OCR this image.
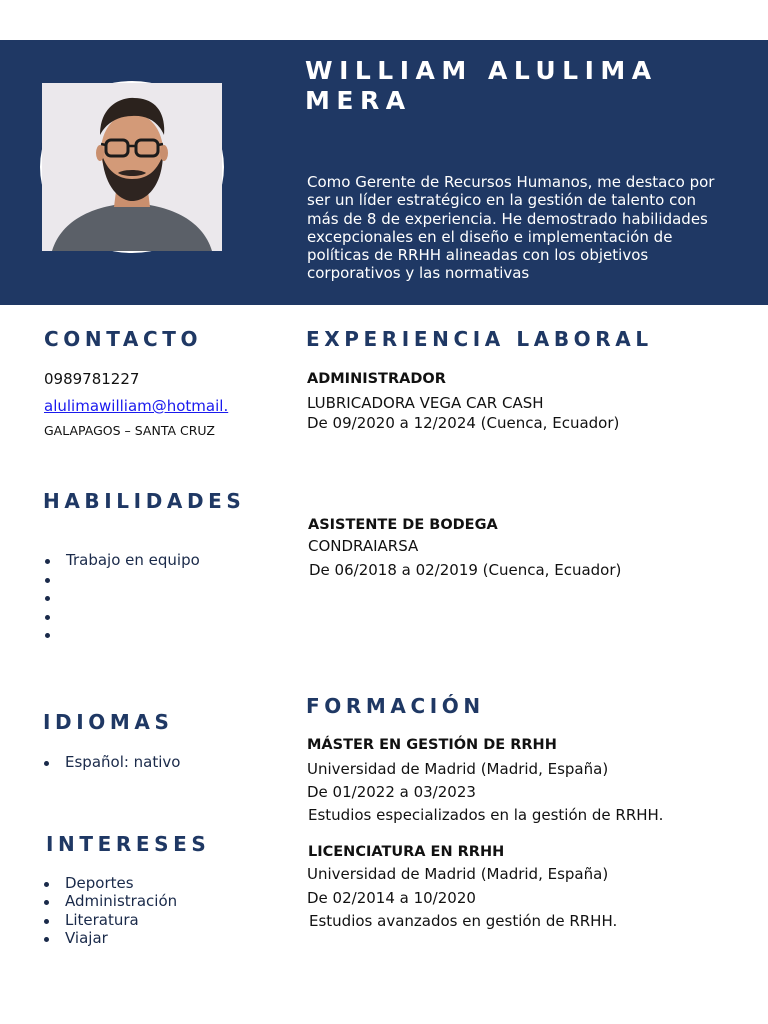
WILLIAM ALULIMA MERA
Como Gerente de Recursos Humanos, me destaco por ser un líder estratégico en la gestión de talento con más de 8 de experiencia. He demostrado habilidades excepcionales en el diseño e implementación de políticas de RRHH alineadas con los objetivos corporativos y las normativas
CONTACTO
0989781227
alulimawilliam@hotmail.
GALAPAGOS – SANTA CRUZ
HABILIDADES
Trabajo en equipo
IDIOMAS
Español: nativo
INTERESES
Deportes
Administración
Literatura
Viajar
EXPERIENCIA LABORAL
ADMINISTRADOR
LUBRICADORA VEGA CAR CASH
De 09/2020 a 12/2024 (Cuenca, Ecuador)
ASISTENTE DE BODEGA
CONDRAIARSA
De 06/2018 a 02/2019 (Cuenca, Ecuador)
FORMACIÓN
MÁSTER EN GESTIÓN DE RRHH
Universidad de Madrid (Madrid, España)
De 01/2022 a 03/2023
Estudios especializados en la gestión de RRHH.
LICENCIATURA EN RRHH
Universidad de Madrid (Madrid, España)
De 02/2014 a 10/2020
Estudios avanzados en gestión de RRHH.
